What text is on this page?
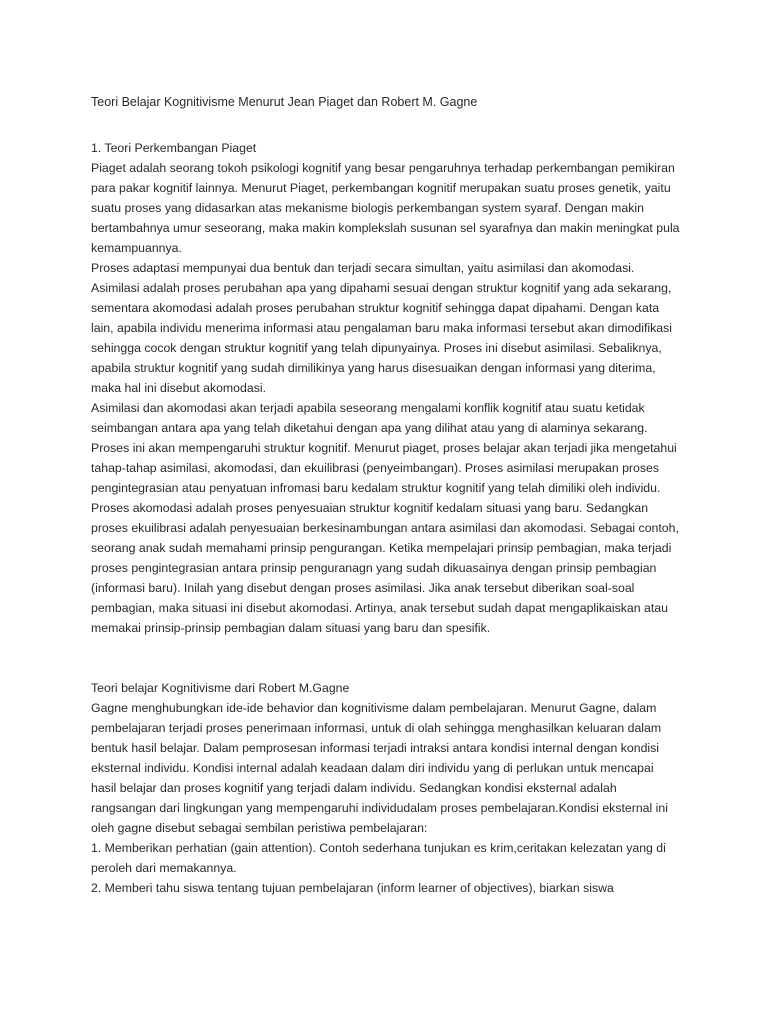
Teori Belajar Kognitivisme Menurut Jean Piaget dan Robert M. Gagne

1. Teori Perkembangan Piaget

Piaget adalah seorang tokoh psikologi kognitif yang besar pengaruhnya terhadap perkembangan pemikiran para pakar kognitif lainnya. Menurut Piaget, perkembangan kognitif merupakan suatu proses genetik, yaitu suatu proses yang didasarkan atas mekanisme biologis perkembangan system syaraf. Dengan makin bertambahnya umur seseorang, maka makin komplekslah susunan sel syarafnya dan makin meningkat pula kemampuannya.

Proses adaptasi mempunyai dua bentuk dan terjadi secara simultan, yaitu asimilasi dan akomodasi. Asimilasi adalah proses perubahan apa yang dipahami sesuai dengan struktur kognitif yang ada sekarang, sementara akomodasi adalah proses perubahan struktur kognitif sehingga dapat dipahami. Dengan kata lain, apabila individu menerima informasi atau pengalaman baru maka informasi tersebut akan dimodifikasi sehingga cocok dengan struktur kognitif yang telah dipunyainya. Proses ini disebut asimilasi. Sebaliknya, apabila struktur kognitif yang sudah dimilikinya yang harus disesuaikan dengan informasi yang diterima, maka hal ini disebut akomodasi.

Asimilasi dan akomodasi akan terjadi apabila seseorang mengalami konflik kognitif atau suatu ketidak seimbangan antara apa yang telah diketahui dengan apa yang dilihat atau yang di alaminya sekarang. Proses ini akan mempengaruhi struktur kognitif. Menurut piaget, proses belajar akan terjadi jika mengetahui tahap-tahap asimilasi, akomodasi, dan ekuilibrasi (penyeimbangan). Proses asimilasi merupakan proses pengintegrasian atau penyatuan infromasi baru kedalam struktur kognitif yang telah dimiliki oleh individu. Proses akomodasi adalah proses penyesuaian struktur kognitif kedalam situasi yang baru. Sedangkan proses ekuilibrasi adalah penyesuaian berkesinambungan antara asimilasi dan akomodasi. Sebagai contoh, seorang anak sudah memahami prinsip pengurangan. Ketika mempelajari prinsip pembagian, maka terjadi proses pengintegrasian antara prinsip penguranagn yang sudah dikuasainya dengan prinsip pembagian (informasi baru). Inilah yang disebut dengan proses asimilasi. Jika anak tersebut diberikan soal-soal pembagian, maka situasi ini disebut akomodasi. Artinya, anak tersebut sudah dapat mengaplikaiskan atau memakai prinsip-prinsip pembagian dalam situasi yang baru dan spesifik.

Teori belajar Kognitivisme dari Robert M.Gagne

Gagne menghubungkan ide-ide behavior dan kognitivisme dalam pembelajaran. Menurut Gagne, dalam pembelajaran terjadi proses penerimaan informasi, untuk di olah sehingga menghasilkan keluaran dalam bentuk hasil belajar. Dalam pemprosesan informasi terjadi intraksi antara kondisi internal dengan kondisi eksternal individu. Kondisi internal adalah keadaan dalam diri individu yang di perlukan untuk mencapai hasil belajar dan proses kognitif yang terjadi dalam individu. Sedangkan kondisi eksternal adalah rangsangan dari lingkungan yang mempengaruhi individudalam proses pembelajaran.Kondisi eksternal ini oleh gagne disebut sebagai sembilan peristiwa pembelajaran:

1. Memberikan perhatian (gain attention). Contoh sederhana tunjukan es krim,ceritakan kelezatan yang di peroleh dari memakannya.

2. Memberi tahu siswa tentang tujuan pembelajaran (inform learner of objectives), biarkan siswa
